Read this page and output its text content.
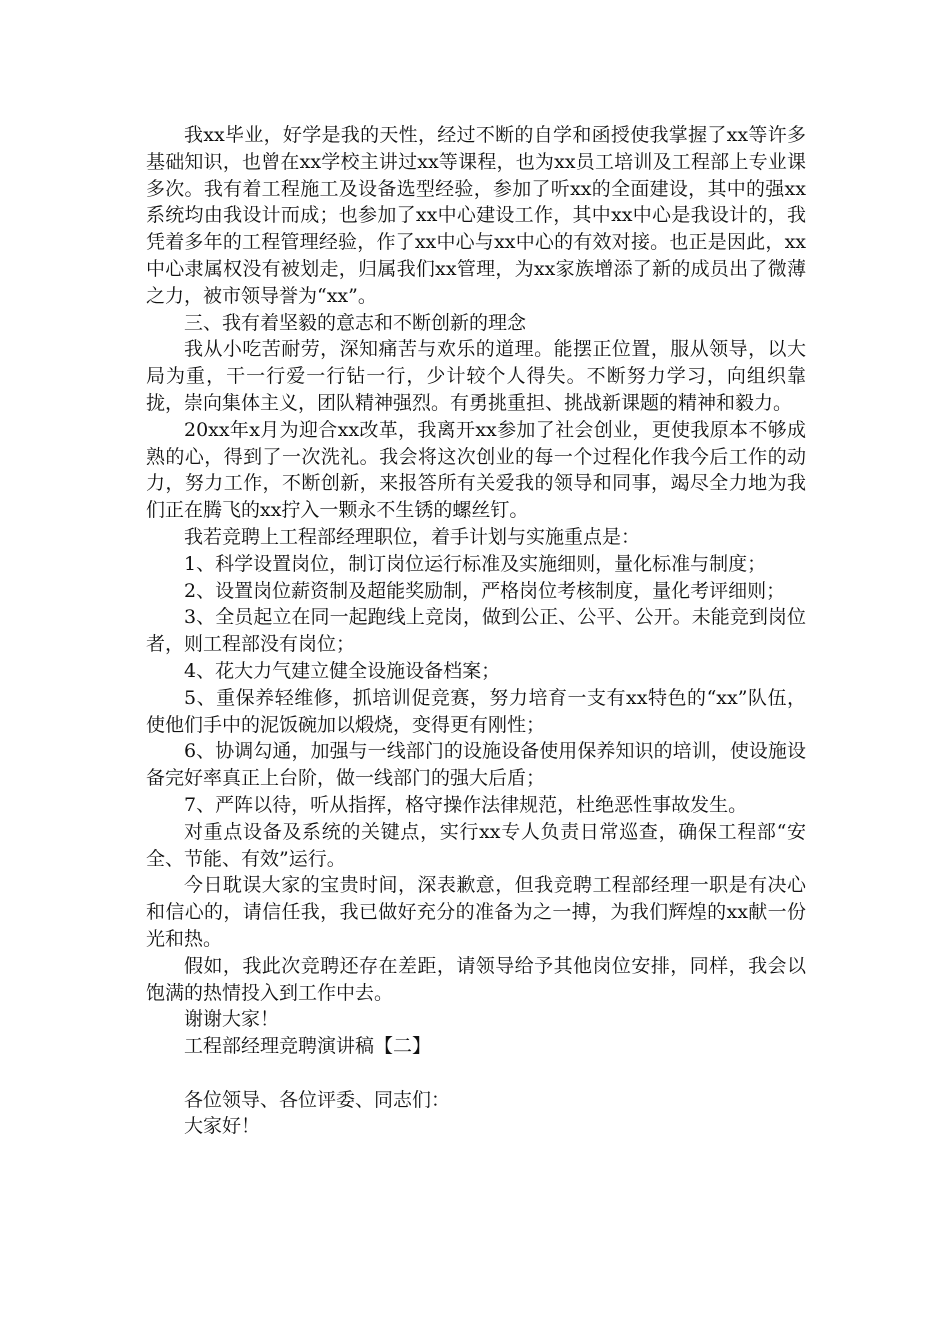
我xx毕业，好学是我的天性，经过不断的自学和函授使我掌握了xx等许多基础知识，也曾在xx学校主讲过xx等课程，也为xx员工培训及工程部上专业课多次。我有着工程施工及设备选型经验，参加了听xx的全面建设，其中的强xx系统均由我设计而成；也参加了xx中心建设工作，其中xx中心是我设计的，我凭着多年的工程管理经验，作了xx中心与xx中心的有效对接。也正是因此，xx中心隶属权没有被划走，归属我们xx管理，为xx家族增添了新的成员出了微薄之力，被市领导誉为“xx”。

三、我有着坚毅的意志和不断创新的理念

我从小吃苦耐劳，深知痛苦与欢乐的道理。能摆正位置，服从领导，以大局为重，干一行爱一行钻一行，少计较个人得失。不断努力学习，向组织靠拢，崇向集体主义，团队精神强烈。有勇挑重担、挑战新课题的精神和毅力。

20xx年x月为迎合xx改革，我离开xx参加了社会创业，更使我原本不够成熟的心，得到了一次洗礼。我会将这次创业的每一个过程化作我今后工作的动力，努力工作，不断创新，来报答所有关爱我的领导和同事，竭尽全力地为我们正在腾飞的xx拧入一颗永不生锈的螺丝钉。

我若竞聘上工程部经理职位，着手计划与实施重点是：

1、科学设置岗位，制订岗位运行标准及实施细则，量化标准与制度；

2、设置岗位薪资制及超能奖励制，严格岗位考核制度，量化考评细则；

3、全员起立在同一起跑线上竞岗，做到公正、公平、公开。未能竞到岗位者，则工程部没有岗位；

4、花大力气建立健全设施设备档案；

5、重保养轻维修，抓培训促竞赛，努力培育一支有xx特色的“xx”队伍，使他们手中的泥饭碗加以煅烧，变得更有刚性；

6、协调勾通，加强与一线部门的设施设备使用保养知识的培训，使设施设备完好率真正上台阶，做一线部门的强大后盾；

7、严阵以待，听从指挥，格守操作法律规范，杜绝恶性事故发生。

对重点设备及系统的关键点，实行xx专人负责日常巡查，确保工程部“安全、节能、有效”运行。

今日耽误大家的宝贵时间，深表歉意，但我竞聘工程部经理一职是有决心和信心的，请信任我，我已做好充分的准备为之一搏，为我们辉煌的xx献一份光和热。

假如，我此次竞聘还存在差距，请领导给予其他岗位安排，同样，我会以饱满的热情投入到工作中去。

谢谢大家！

工程部经理竞聘演讲稿【二】

各位领导、各位评委、同志们：

大家好！
